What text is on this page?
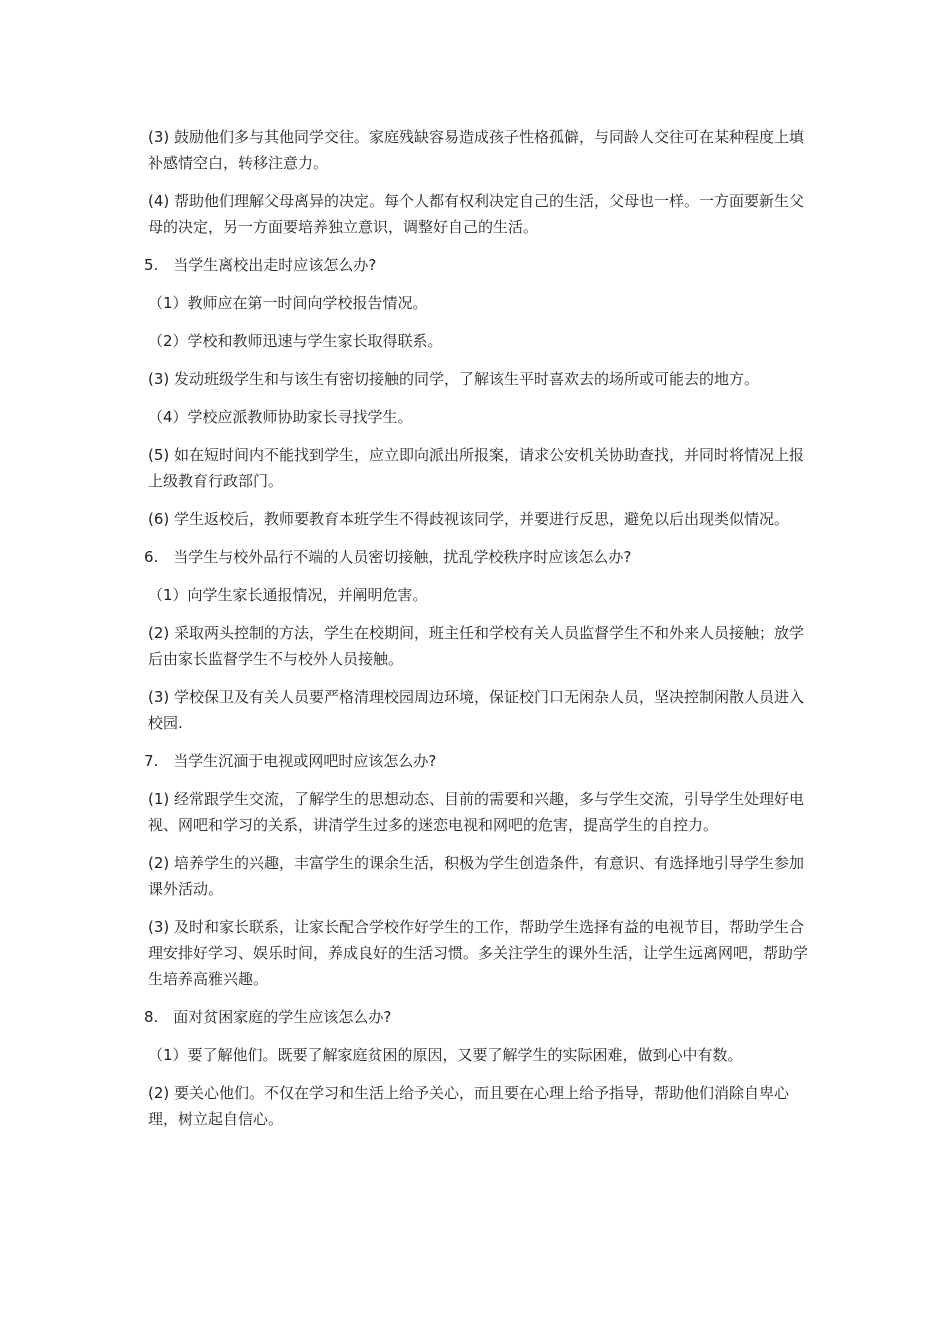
(3) 鼓励他们多与其他同学交往。家庭残缺容易造成孩子性格孤僻，与同龄人交往可在某种程度上填补感情空白，转移注意力。

(4) 帮助他们理解父母离异的决定。每个人都有权利决定自己的生活，父母也一样。一方面要新生父母的决定，另一方面要培养独立意识，调整好自己的生活。

5.　当学生离校出走时应该怎么办?

（1）教师应在第一时间向学校报告情况。

（2）学校和教师迅速与学生家长取得联系。

(3) 发动班级学生和与该生有密切接触的同学，了解该生平时喜欢去的场所或可能去的地方。

（4）学校应派教师协助家长寻找学生。

(5) 如在短时间内不能找到学生，应立即向派出所报案，请求公安机关协助查找，并同时将情况上报上级教育行政部门。

(6) 学生返校后，教师要教育本班学生不得歧视该同学，并要进行反思，避免以后出现类似情况。

6.　当学生与校外品行不端的人员密切接触，扰乱学校秩序时应该怎么办?

（1）向学生家长通报情况，并阐明危害。

(2) 采取两头控制的方法，学生在校期间，班主任和学校有关人员监督学生不和外来人员接触；放学后由家长监督学生不与校外人员接触。

(3) 学校保卫及有关人员要严格清理校园周边环境，保证校门口无闲杂人员，坚决控制闲散人员进入校园.

7.　当学生沉湎于电视或网吧时应该怎么办?

(1) 经常跟学生交流，了解学生的思想动态、目前的需要和兴趣，多与学生交流，引导学生处理好电视、网吧和学习的关系，讲清学生过多的迷恋电视和网吧的危害，提高学生的自控力。

(2) 培养学生的兴趣，丰富学生的课余生活，积极为学生创造条件，有意识、有选择地引导学生参加课外活动。

(3) 及时和家长联系，让家长配合学校作好学生的工作，帮助学生选择有益的电视节目，帮助学生合理安排好学习、娱乐时间，养成良好的生活习惯。多关注学生的课外生活，让学生远离网吧，帮助学生培养高雅兴趣。

8.　面对贫困家庭的学生应该怎么办?

（1）要了解他们。既要了解家庭贫困的原因，又要了解学生的实际困难，做到心中有数。

(2) 要关心他们。不仅在学习和生活上给予关心，而且要在心理上给予指导，帮助他们消除自卑心理，树立起自信心。
